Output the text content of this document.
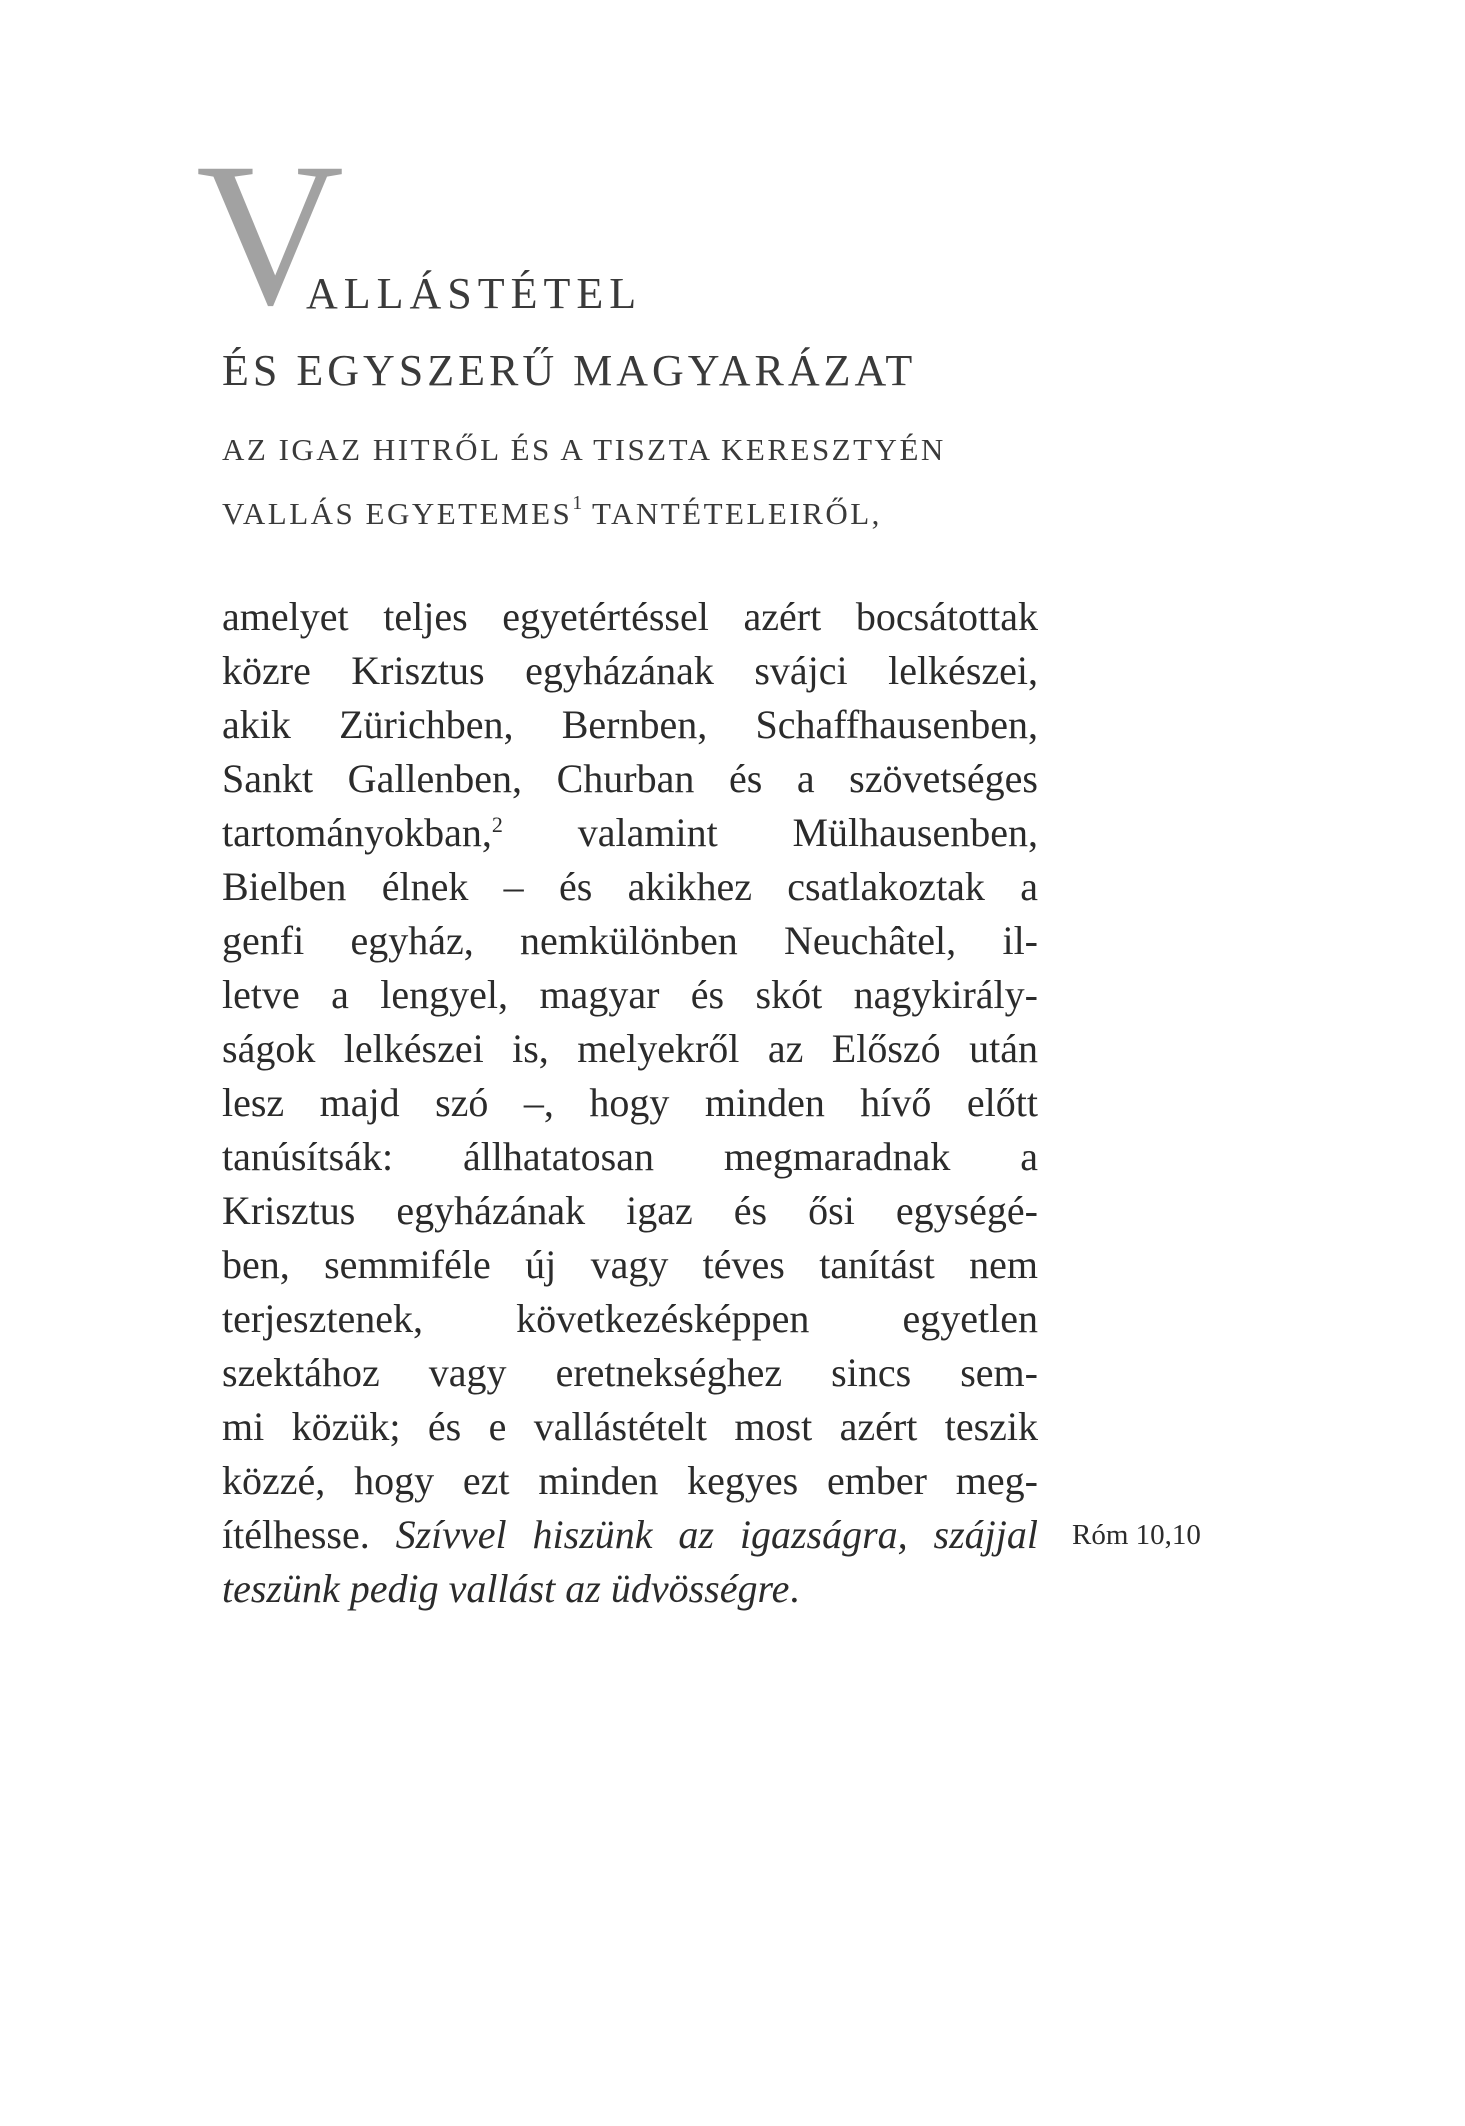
V
ALLÁSTÉTEL
ÉS EGYSZERŰ MAGYARÁZAT
AZ IGAZ HITRŐL ÉS A TISZTA KERESZTYÉN
VALLÁS EGYETEMES$^1$ TANTÉTELEIRŐL,
amelyet teljes egyetértéssel azért bocsátottak
közre Krisztus egyházának svájci lelkészei,
akik Zürichben, Bernben, Schaffhausenben,
Sankt Gallenben, Churban és a szövetséges
tartományokban,$^2$ valamint Mülhausenben,
Bielben élnek – és akikhez csatlakoztak a
genfi egyház, nemkülönben Neuchâtel, il-
letve a lengyel, magyar és skót nagykirály-
ságok lelkészei is, melyekről az Előszó után
lesz majd szó –, hogy minden hívő előtt
tanúsítsák: állhatatosan megmaradnak a
Krisztus egyházának igaz és ősi egységé-
ben, semmiféle új vagy téves tanítást nem
terjesztenek, következésképpen egyetlen
szektához vagy eretnekséghez sincs sem-
mi közük; és e vallástételt most azért teszik
közzé, hogy ezt minden kegyes ember meg-
ítélhesse. Szívvel hiszünk az igazságra, szájjal
teszünk pedig vallást az üdvösségre.
Róm 10,10
